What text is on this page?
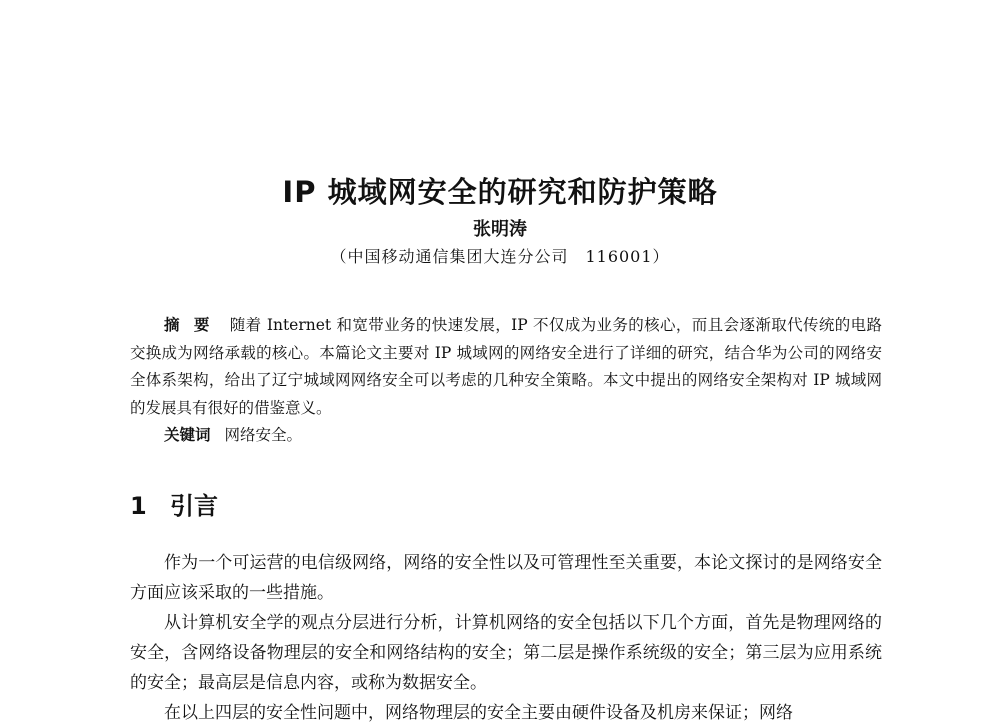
IP 城域网安全的研究和防护策略
张明涛
（中国移动通信集团大连分公司　116001）

摘要 随着 Internet 和宽带业务的快速发展，IP 不仅成为业务的核心，而且会逐渐取代传统的电路交换成为网络承载的核心。本篇论文主要对 IP 城域网的网络安全进行了详细的研究，结合华为公司的网络安全体系架构，给出了辽宁城域网网络安全可以考虑的几种安全策略。本文中提出的网络安全架构对 IP 城域网的发展具有很好的借鉴意义。

关键词 网络安全。

1 引言

作为一个可运营的电信级网络，网络的安全性以及可管理性至关重要，本论文探讨的是网络安全方面应该采取的一些措施。

从计算机安全学的观点分层进行分析，计算机网络的安全包括以下几个方面，首先是物理网络的安全，含网络设备物理层的安全和网络结构的安全；第二层是操作系统级的安全；第三层为应用系统的安全；最高层是信息内容，或称为数据安全。

在以上四层的安全性问题中，网络物理层的安全主要由硬件设备及机房来保证；网络
